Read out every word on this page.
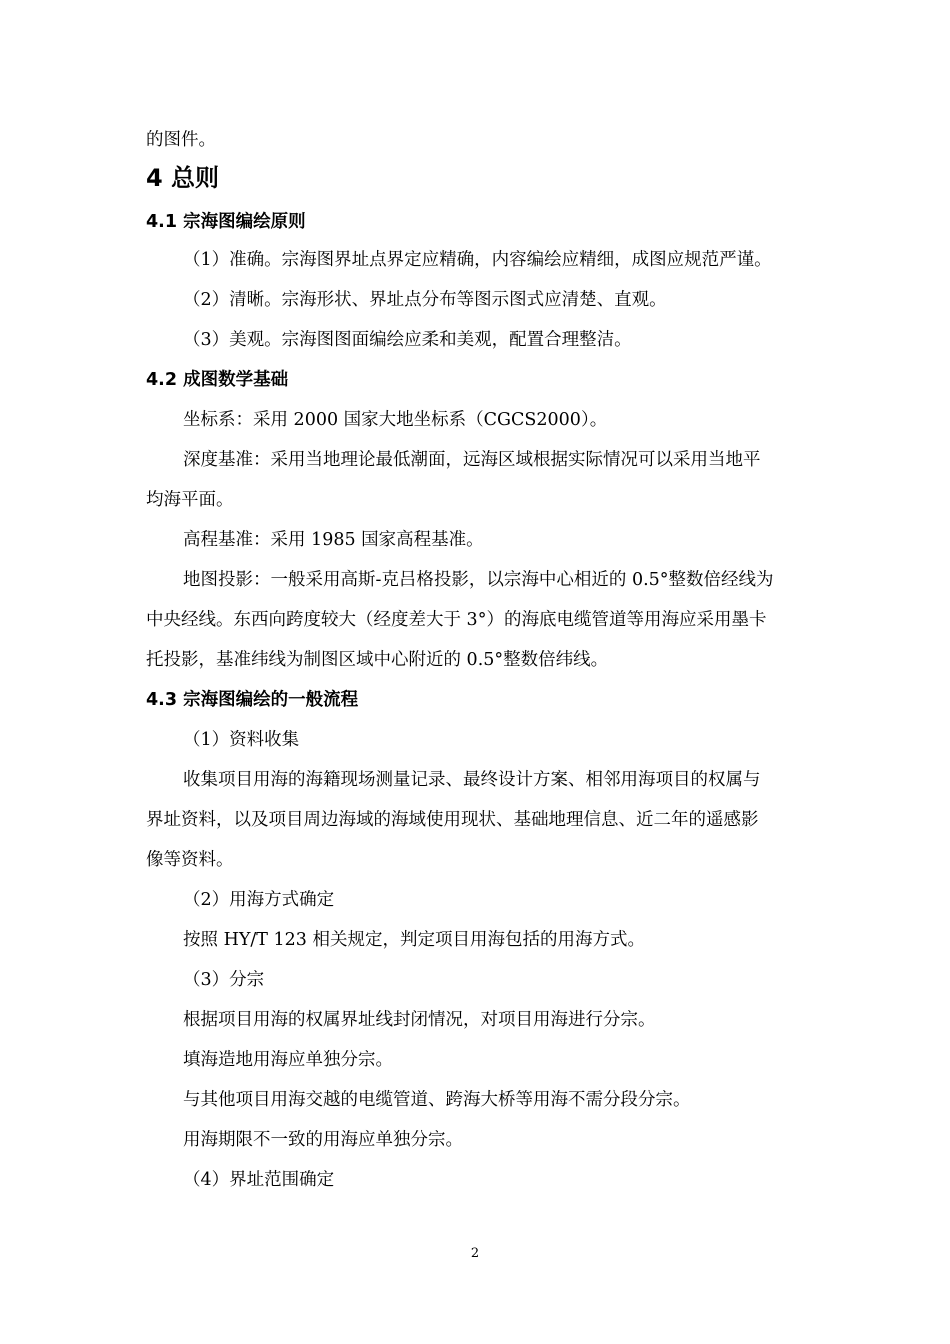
的图件。
4 总则
4.1 宗海图编绘原则
（1）准确。宗海图界址点界定应精确，内容编绘应精细，成图应规范严谨。
（2）清晰。宗海形状、界址点分布等图示图式应清楚、直观。
（3）美观。宗海图图面编绘应柔和美观，配置合理整洁。
4.2 成图数学基础
坐标系：采用 2000 国家大地坐标系（CGCS2000）。
深度基准：采用当地理论最低潮面，远海区域根据实际情况可以采用当地平
均海平面。
高程基准：采用 1985 国家高程基准。
地图投影：一般采用高斯-克吕格投影，以宗海中心相近的 0.5°整数倍经线为
中央经线。东西向跨度较大（经度差大于 3°）的海底电缆管道等用海应采用墨卡
托投影，基准纬线为制图区域中心附近的 0.5°整数倍纬线。
4.3 宗海图编绘的一般流程
（1）资料收集
收集项目用海的海籍现场测量记录、最终设计方案、相邻用海项目的权属与
界址资料，以及项目周边海域的海域使用现状、基础地理信息、近二年的遥感影
像等资料。
（2）用海方式确定
按照 HY/T 123 相关规定，判定项目用海包括的用海方式。
（3）分宗
根据项目用海的权属界址线封闭情况，对项目用海进行分宗。
填海造地用海应单独分宗。
与其他项目用海交越的电缆管道、跨海大桥等用海不需分段分宗。
用海期限不一致的用海应单独分宗。
（4）界址范围确定
2
